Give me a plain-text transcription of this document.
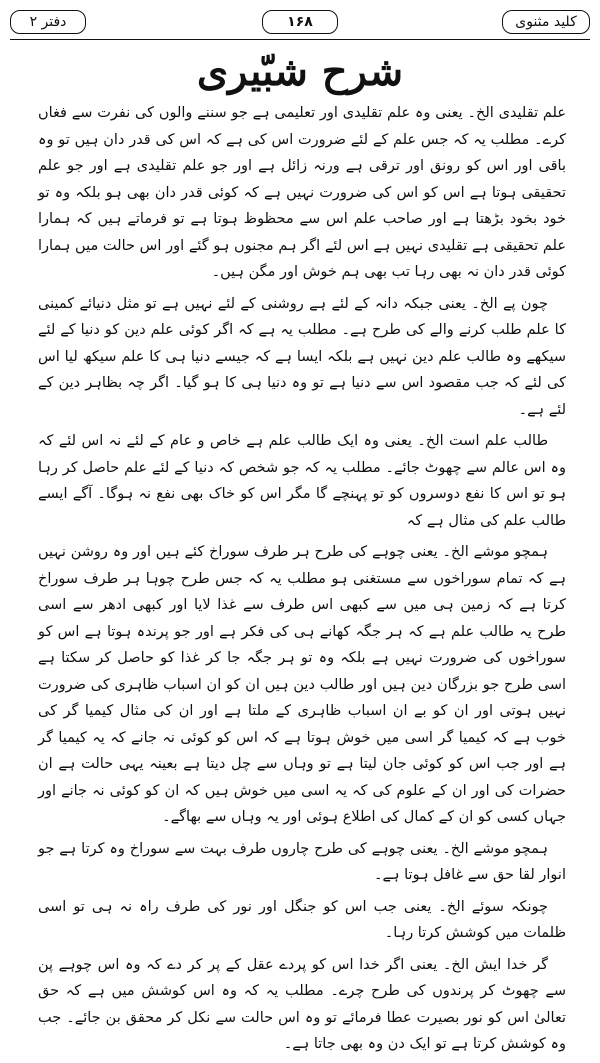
دفتر ۲	۱۶۸	کلید مثنوی
شرح شبّیری

علم تقلیدی الخ۔ یعنی وہ علم تقلیدی اور تعلیمی ہے جو سننے والوں کی نفرت سے فغاں کرے۔ مطلب یہ کہ جس علم کے لئے ضرورت اس کی ہے کہ اس کی قدر دان ہیں تو وہ باقی اور اس کو رونق اور ترقی ہے ورنہ زائل ہے اور جو علم تقلیدی ہے اور جو علم تحقیقی ہوتا ہے اس کو اس کی ضرورت نہیں ہے کہ کوئی قدر دان بھی ہو بلکہ وہ تو خود بخود بڑھتا ہے اور صاحب علم اس سے محظوظ ہوتا ہے تو فرماتے ہیں کہ ہمارا علم تحقیقی ہے تقلیدی نہیں ہے اس لئے اگر ہم مجنوں ہو گئے اور اس حالت میں ہمارا کوئی قدر دان نہ بھی رہا تب بھی ہم خوش اور مگن ہیں۔

چون پے الخ۔ یعنی جبکہ دانہ کے لئے ہے روشنی کے لئے نہیں ہے تو مثل دنیائے کمینی کا علم طلب کرنے والے کی طرح ہے۔ مطلب یہ ہے کہ اگر کوئی علم دین کو دنیا کے لئے سیکھے وہ طالب علم دین نہیں ہے بلکہ ایسا ہے کہ جیسے دنیا ہی کا علم سیکھ لیا اس کی لئے کہ جب مقصود اس سے دنیا ہے تو وہ دنیا ہی کا ہو گیا۔ اگر چہ بظاہر دین کے لئے ہے۔

طالب علم است الخ۔ یعنی وہ ایک طالب علم ہے خاص و عام کے لئے نہ اس لئے کہ وہ اس عالم سے چھوٹ جائے۔ مطلب یہ کہ جو شخص کہ دنیا کے لئے علم حاصل کر رہا ہو تو اس کا نفع دوسروں کو تو پہنچے گا مگر اس کو خاک بھی نفع نہ ہوگا۔ آگے ایسے طالب علم کی مثال ہے کہ

ہمچو موشے الخ۔ یعنی چوہے کی طرح ہر طرف سوراخ کئے ہیں اور وہ روشن نہیں ہے کہ تمام سوراخوں سے مستغنی ہو مطلب یہ کہ جس طرح چوہا ہر طرف سوراخ کرتا ہے کہ زمین ہی میں سے کبھی اس طرف سے غذا لایا اور کبھی ادھر سے اسی طرح یہ طالب علم ہے کہ ہر جگہ کھانے ہی کی فکر ہے اور جو پرندہ ہوتا ہے اس کو سوراخوں کی ضرورت نہیں ہے بلکہ وہ تو ہر جگہ جا کر غذا کو حاصل کر سکتا ہے اسی طرح جو بزرگان دین ہیں اور طالب دین ہیں ان کو ان اسباب ظاہری کی ضرورت نہیں ہوتی اور ان کو بے ان اسباب ظاہری کے ملتا ہے اور ان کی مثال کیمیا گر کی خوب ہے کہ کیمیا گر اسی میں خوش ہوتا ہے کہ اس کو کوئی نہ جانے کہ یہ کیمیا گر ہے اور جب اس کو کوئی جان لیتا ہے تو وہاں سے چل دیتا ہے بعینہ یہی حالت ہے ان حضرات کی اور ان کے علوم کی کہ یہ اسی میں خوش ہیں کہ ان کو کوئی نہ جانے اور جہاں کسی کو ان کے کمال کی اطلاع ہوئی اور یہ وہاں سے بھاگے۔

ہمچو موشے الخ۔ یعنی چوہے کی طرح چاروں طرف بہت سے سوراخ وہ کرتا ہے جو انوار لقا حق سے غافل ہوتا ہے۔

چونکہ سوئے الخ۔ یعنی جب اس کو جنگل اور نور کی طرف راہ نہ ہی تو اسی ظلمات میں کوشش کرتا رہا۔

گر خدا ایش الخ۔ یعنی اگر خدا اس کو پردے عقل کے پر کر دے کہ وہ اس چوہے پن سے چھوٹ کر پرندوں کی طرح چرے۔ مطلب یہ کہ وہ اس کوشش میں ہے کہ حق تعالیٰ اس کو نور بصیرت عطا فرمائے تو وہ اس حالت سے نکل کر محقق بن جائے۔ جب وہ کوشش کرتا ہے تو ایک دن وہ بھی جاتا ہے۔
